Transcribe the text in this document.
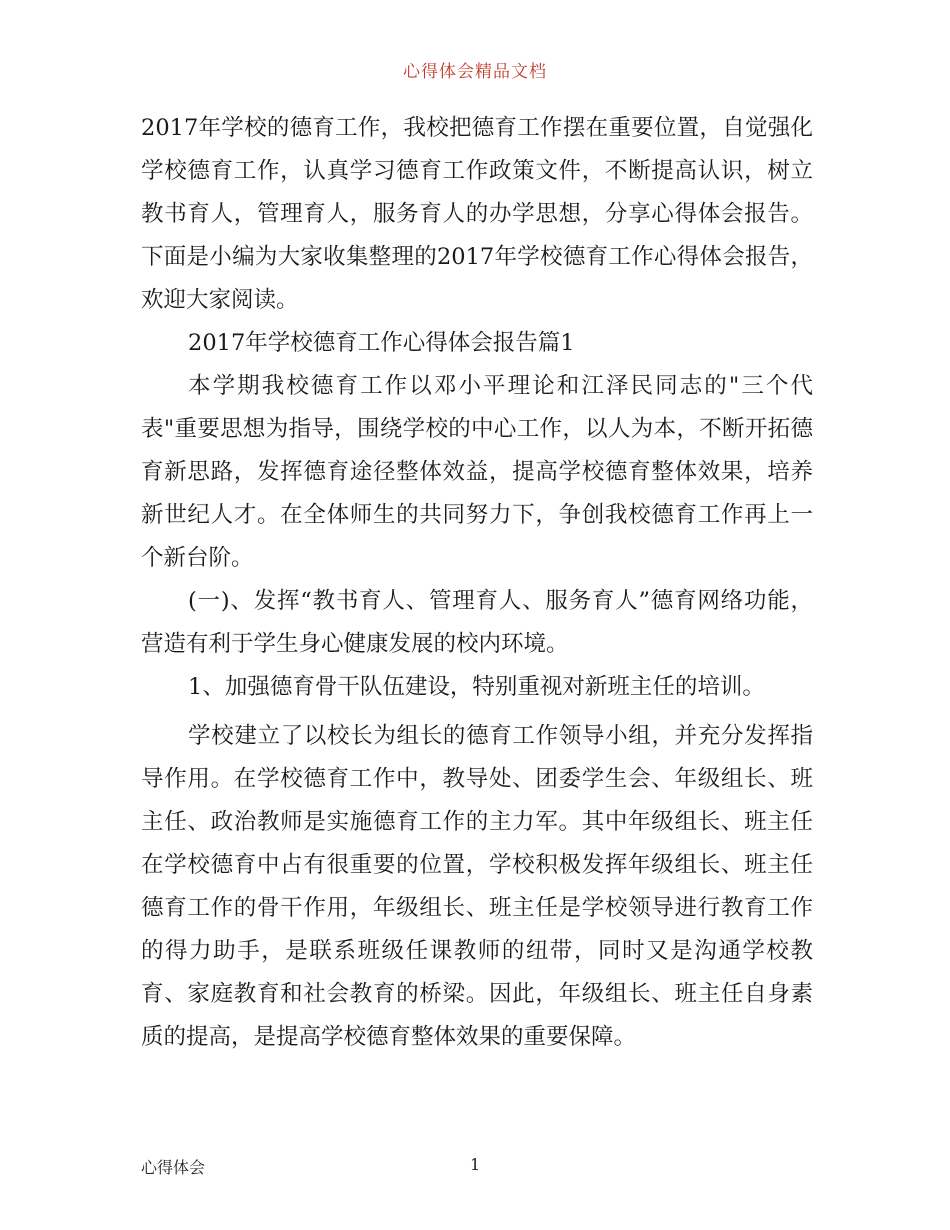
心得体会精品文档

2017年学校的德育工作，我校把德育工作摆在重要位置，自觉强化学校德育工作，认真学习德育工作政策文件，不断提高认识，树立教书育人，管理育人，服务育人的办学思想，分享心得体会报告。下面是小编为大家收集整理的2017年学校德育工作心得体会报告，欢迎大家阅读。

2017年学校德育工作心得体会报告篇1

本学期我校德育工作以邓小平理论和江泽民同志的"三个代表"重要思想为指导，围绕学校的中心工作，以人为本，不断开拓德育新思路，发挥德育途径整体效益，提高学校德育整体效果，培养新世纪人才。在全体师生的共同努力下，争创我校德育工作再上一个新台阶。

(一)、发挥“教书育人、管理育人、服务育人”德育网络功能，营造有利于学生身心健康发展的校内环境。

1、加强德育骨干队伍建设，特别重视对新班主任的培训。

学校建立了以校长为组长的德育工作领导小组，并充分发挥指导作用。在学校德育工作中，教导处、团委学生会、年级组长、班主任、政治教师是实施德育工作的主力军。其中年级组长、班主任在学校德育中占有很重要的位置，学校积极发挥年级组长、班主任德育工作的骨干作用，年级组长、班主任是学校领导进行教育工作的得力助手，是联系班级任课教师的纽带，同时又是沟通学校教育、家庭教育和社会教育的桥梁。因此，年级组长、班主任自身素质的提高，是提高学校德育整体效果的重要保障。

心得体会	1
